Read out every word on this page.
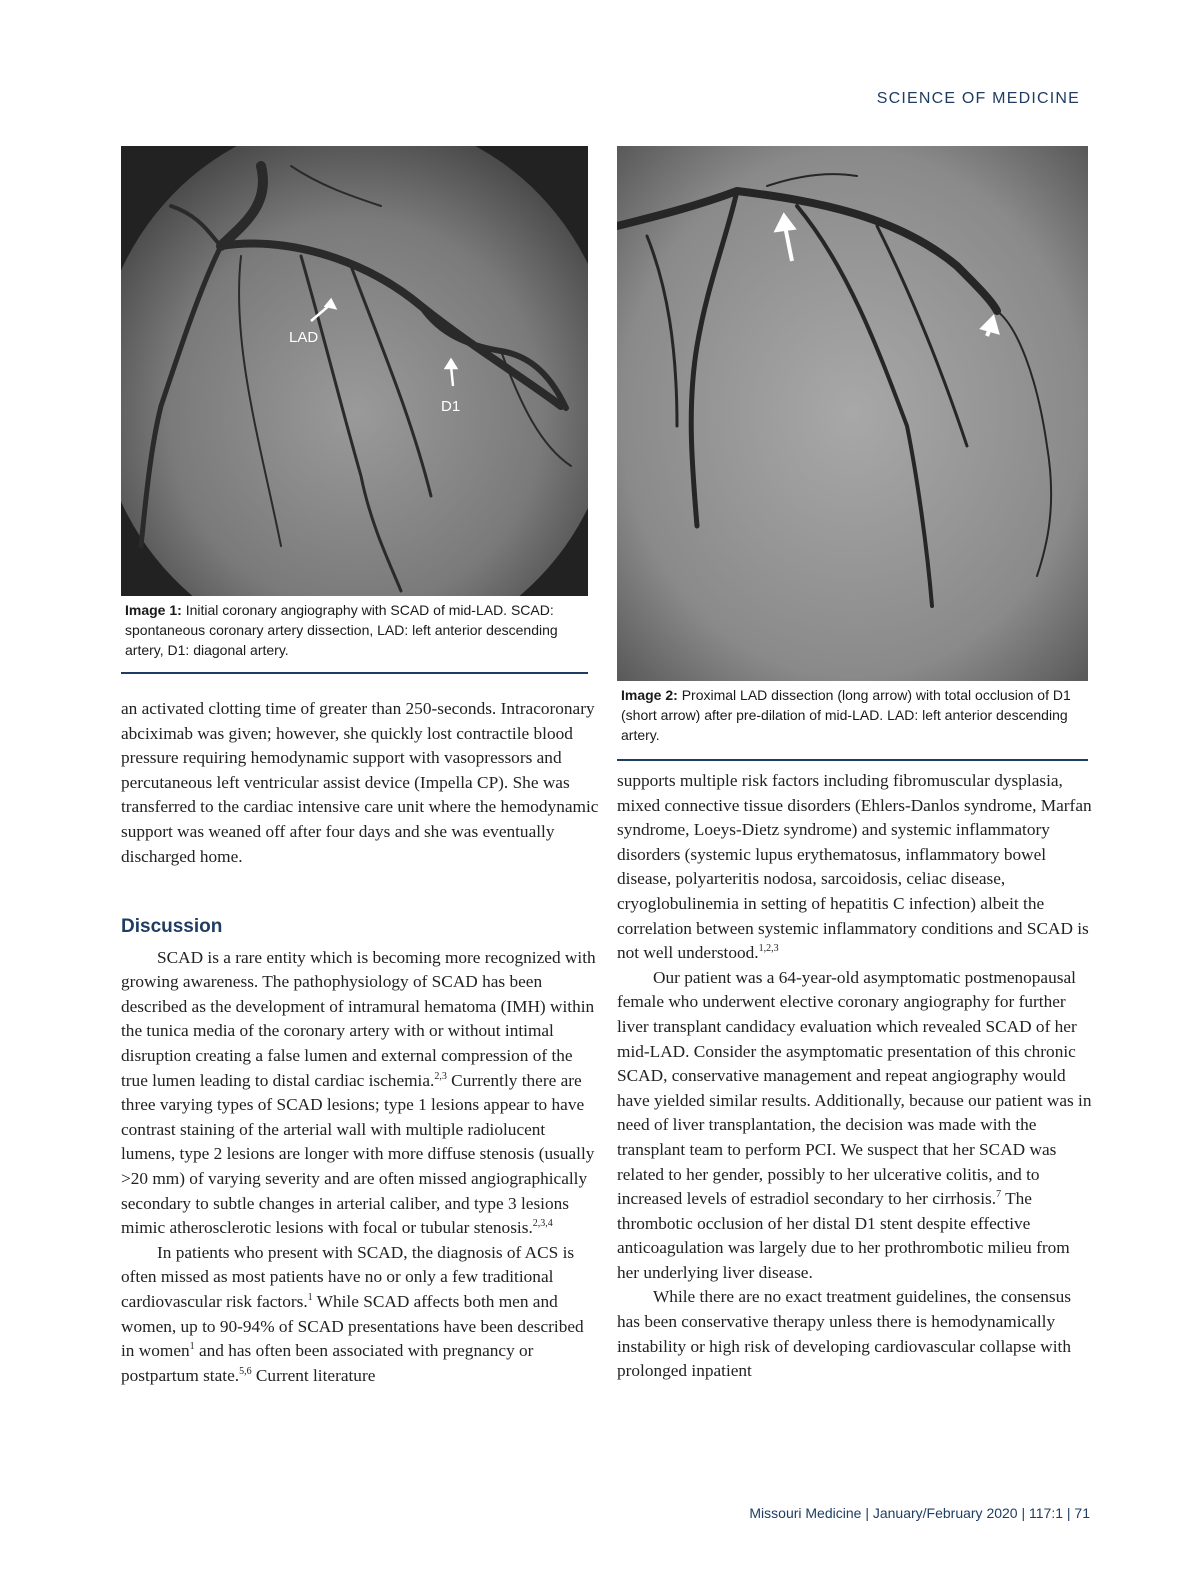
SCIENCE OF MEDICINE
LAD
D1
Image 1: Initial coronary angiography with SCAD of mid-LAD. SCAD: spontaneous coronary artery dissection, LAD: left anterior descending artery, D1: diagonal artery.
Image 2: Proximal LAD dissection (long arrow) with total occlusion of D1 (short arrow) after pre-dilation of mid-LAD. LAD: left anterior descending artery.

an activated clotting time of greater than 250-seconds. Intracoronary abciximab was given; however, she quickly lost contractile blood pressure requiring hemodynamic support with vasopressors and percutaneous left ventricular assist device (Impella CP). She was transferred to the cardiac intensive care unit where the hemodynamic support was weaned off after four days and she was eventually discharged home.

Discussion

SCAD is a rare entity which is becoming more recognized with growing awareness. The pathophysiology of SCAD has been described as the development of intramural hematoma (IMH) within the tunica media of the coronary artery with or without intimal disruption creating a false lumen and external compression of the true lumen leading to distal cardiac ischemia.$^{2,3}$ Currently there are three varying types of SCAD lesions; type 1 lesions appear to have contrast staining of the arterial wall with multiple radiolucent lumens, type 2 lesions are longer with more diffuse stenosis (usually >20 mm) of varying severity and are often missed angiographically secondary to subtle changes in arterial caliber, and type 3 lesions mimic atherosclerotic lesions with focal or tubular stenosis.$^{2,3,4}$

In patients who present with SCAD, the diagnosis of ACS is often missed as most patients have no or only a few traditional cardiovascular risk factors.$^1$ While SCAD affects both men and women, up to 90-94% of SCAD presentations have been described in women$^1$ and has often been associated with pregnancy or postpartum state.$^{5,6}$ Current literature

supports multiple risk factors including fibromuscular dysplasia, mixed connective tissue disorders (Ehlers-Danlos syndrome, Marfan syndrome, Loeys-Dietz syndrome) and systemic inflammatory disorders (systemic lupus erythematosus, inflammatory bowel disease, polyarteritis nodosa, sarcoidosis, celiac disease, cryoglobulinemia in setting of hepatitis C infection) albeit the correlation between systemic inflammatory conditions and SCAD is not well understood.$^{1,2,3}$

Our patient was a 64-year-old asymptomatic postmenopausal female who underwent elective coronary angiography for further liver transplant candidacy evaluation which revealed SCAD of her mid-LAD. Consider the asymptomatic presentation of this chronic SCAD, conservative management and repeat angiography would have yielded similar results. Additionally, because our patient was in need of liver transplantation, the decision was made with the transplant team to perform PCI. We suspect that her SCAD was related to her gender, possibly to her ulcerative colitis, and to increased levels of estradiol secondary to her cirrhosis.$^7$ The thrombotic occlusion of her distal D1 stent despite effective anticoagulation was largely due to her prothrombotic milieu from her underlying liver disease.

While there are no exact treatment guidelines, the consensus has been conservative therapy unless there is hemodynamically instability or high risk of developing cardiovascular collapse with prolonged inpatient

Missouri Medicine | January/February 2020 | 117:1 | 71
